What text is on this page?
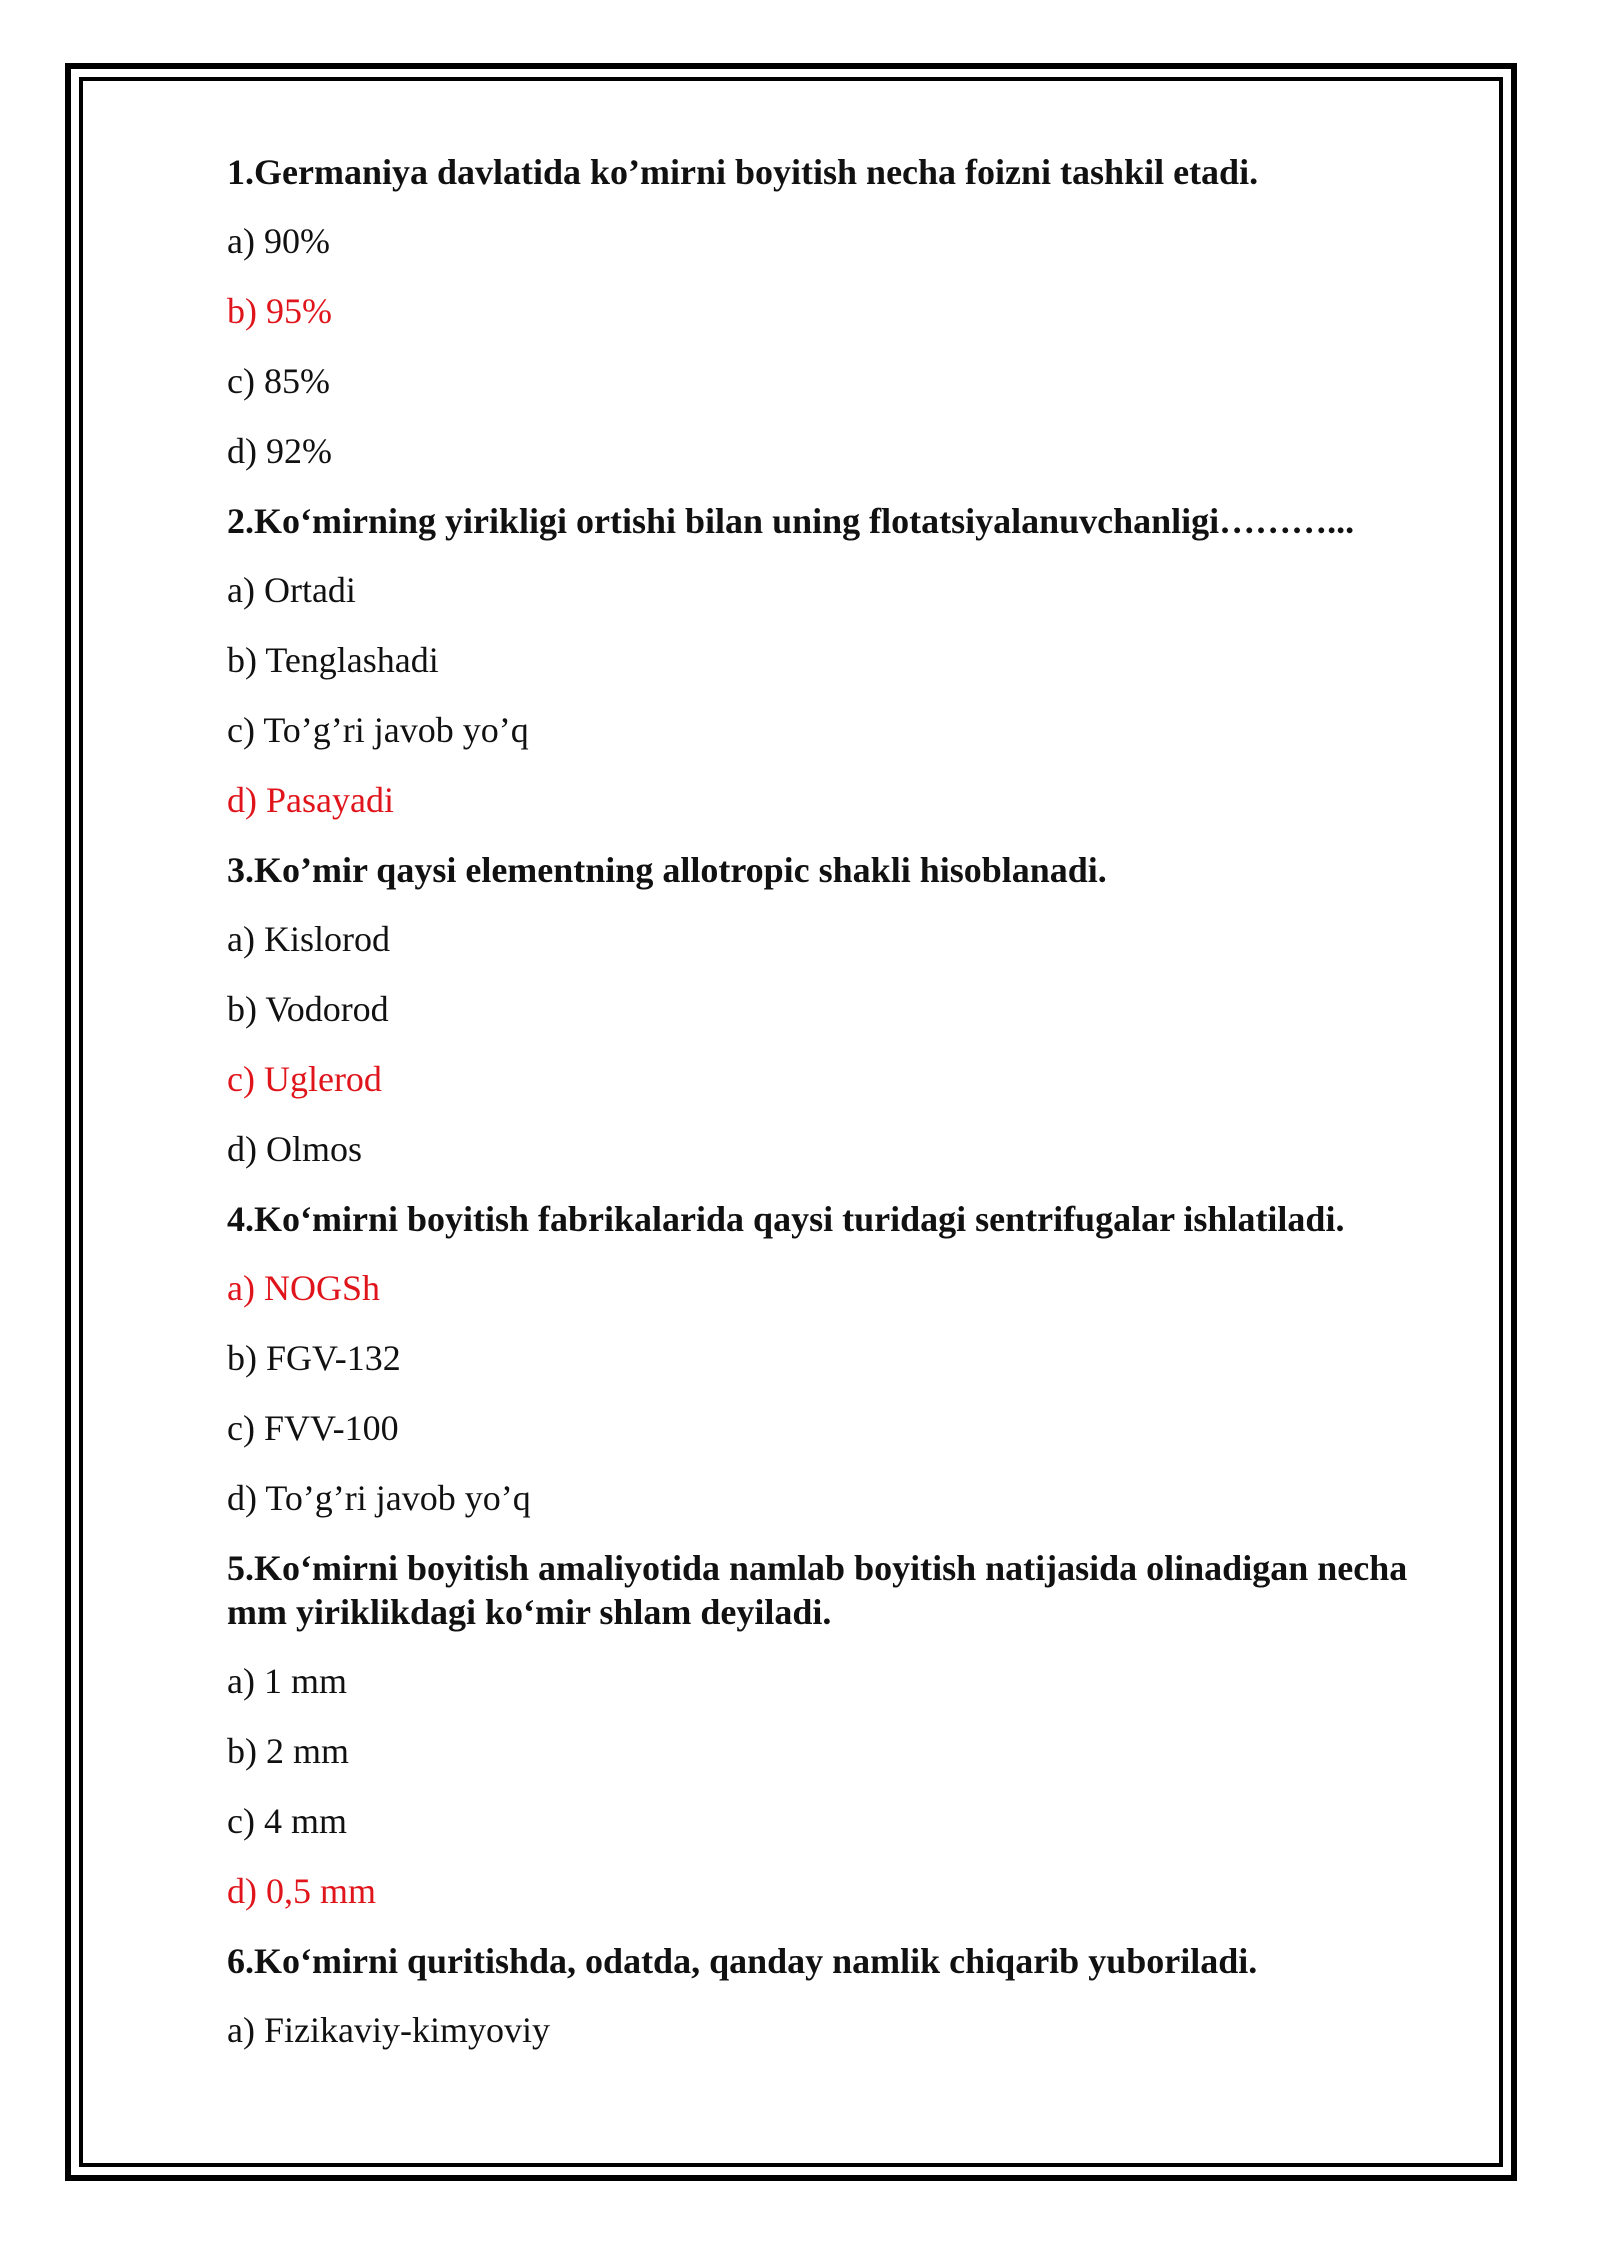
1.Germaniya davlatida ko’mirni boyitish necha foizni tashkil etadi.
a) 90%
b) 95%
c) 85%
d) 92%
2.Ko‘mirning yirikligi ortishi bilan uning flotatsiyalanuvchanligi………...
a) Ortadi
b) Tenglashadi
c) To’g’ri javob yo’q
d) Pasayadi
3.Ko’mir qaysi elementning allotropic shakli hisoblanadi.
a) Kislorod
b) Vodorod
c) Uglerod
d) Olmos
4.Ko‘mirni boyitish fabrikalarida qaysi turidagi sentrifugalar ishlatiladi.
a) NOGSh
b) FGV-132
c) FVV-100
d) To’g’ri javob yo’q
5.Ko‘mirni boyitish amaliyotida namlab boyitish natijasida olinadigan necha mm yiriklikdagi ko‘mir shlam deyiladi.
a) 1 mm
b) 2 mm
c) 4 mm
d) 0,5 mm
6.Ko‘mirni quritishda, odatda, qanday namlik chiqarib yuboriladi.
a) Fizikaviy-kimyoviy
